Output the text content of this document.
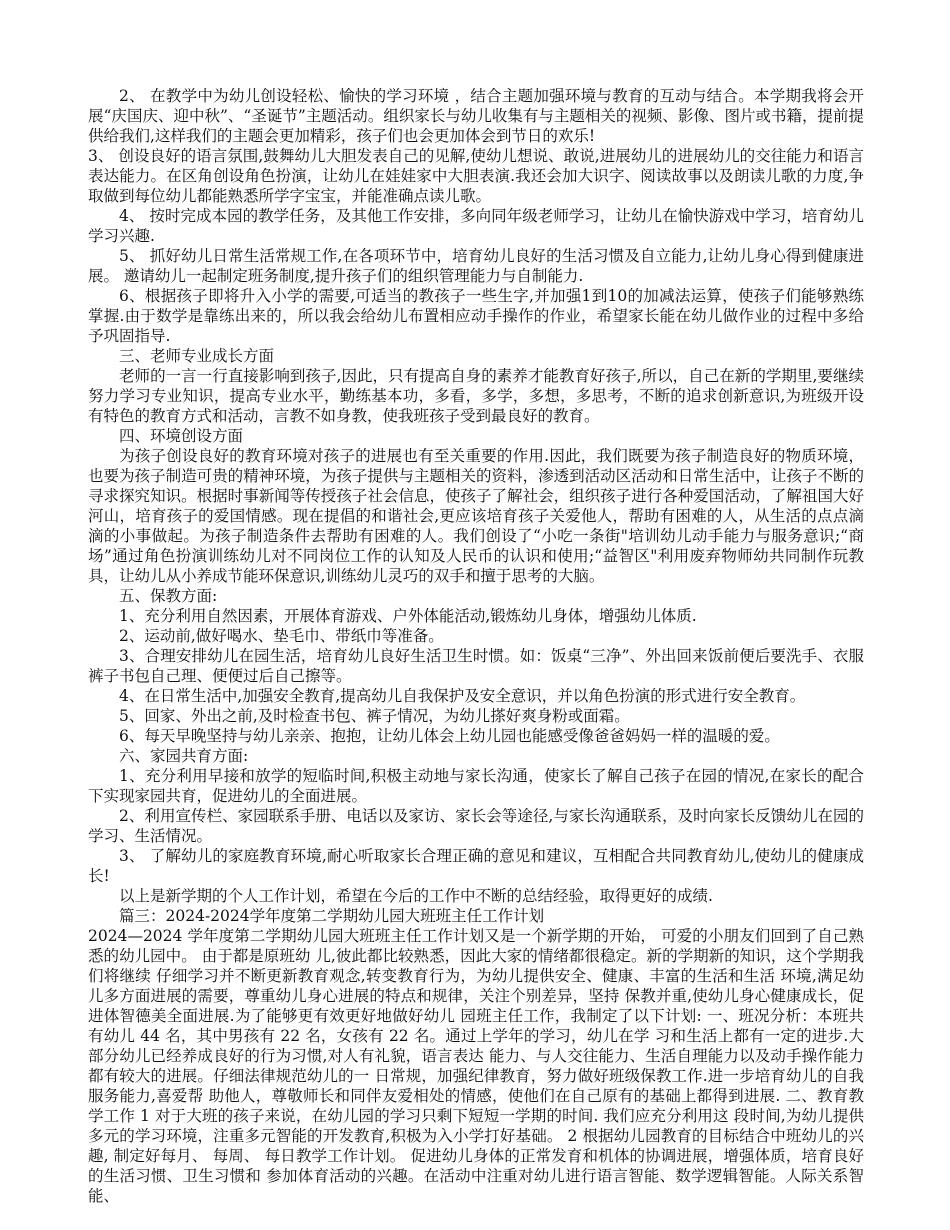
2、 在教学中为幼儿创设轻松、愉快的学习环境 ，结合主题加强环境与教育的互动与结合。本学期我将会开展“庆国庆、迎中秋”、“圣诞节”主题活动。组织家长与幼儿收集有与主题相关的视频、影像、图片或书籍，提前提供给我们,这样我们的主题会更加精彩，孩子们也会更加体会到节日的欢乐!

3、 创设良好的语言氛围,鼓舞幼儿大胆发表自己的见解,使幼儿想说、敢说,进展幼儿的进展幼儿的交往能力和语言表达能力。在区角创设角色扮演，让幼儿在娃娃家中大胆表演.我还会加大识字、阅读故事以及朗读儿歌的力度,争取做到每位幼儿都能熟悉所学字宝宝，并能准确点读儿歌。

4、 按时完成本园的教学任务，及其他工作安排，多向同年级老师学习，让幼儿在愉快游戏中学习，培育幼儿学习兴趣.

5、 抓好幼儿日常生活常规工作,在各项环节中，培育幼儿良好的生活习惯及自立能力,让幼儿身心得到健康进展。 邀请幼儿一起制定班务制度,提升孩子们的组织管理能力与自制能力.

6、根据孩子即将升入小学的需要,可适当的教孩子一些生字,并加强1到10的加减法运算，使孩子们能够熟练掌握.由于数学是靠练出来的，所以我会给幼儿布置相应动手操作的作业，希望家长能在幼儿做作业的过程中多给予巩固指导.

三、老师专业成长方面

老师的一言一行直接影响到孩子,因此，只有提高自身的素养才能教育好孩子,所以，自己在新的学期里,要继续努力学习专业知识，提高专业水平，勤练基本功，多看，多学，多想，多思考，不断的追求创新意识,为班级开设有特色的教育方式和活动，言教不如身教，使我班孩子受到最良好的教育。

四、环境创设方面

为孩子创设良好的教育环境对孩子的进展也有至关重要的作用.因此，我们既要为孩子制造良好的物质环境，也要为孩子制造可贵的精神环境，为孩子提供与主题相关的资料，渗透到活动区活动和日常生活中，让孩子不断的寻求探究知识。根据时事新闻等传授孩子社会信息，使孩子了解社会，组织孩子进行各种爱国活动，了解祖国大好河山，培育孩子的爱国情感。现在提倡的和谐社会,更应该培育孩子关爱他人，帮助有困难的人，从生活的点点滴滴的小事做起。为孩子制造条件去帮助有困难的人。我们创设了“小吃一条街"培训幼儿动手能力与服务意识;“商场”通过角色扮演训练幼儿对不同岗位工作的认知及人民币的认识和使用;“益智区"利用废弃物师幼共同制作玩教具，让幼儿从小养成节能环保意识,训练幼儿灵巧的双手和擅于思考的大脑。

五、保教方面:

1、充分利用自然因素，开展体育游戏、户外体能活动,锻炼幼儿身体，增强幼儿体质.

2、运动前,做好喝水、垫毛巾、带纸巾等准备。

3、合理安排幼儿在园生活，培育幼儿良好生活卫生时惯。如：饭桌“三净”、外出回来饭前便后要洗手、衣服裤子书包自己理、便便过后自己擦等。

4、在日常生活中,加强安全教育,提高幼儿自我保护及安全意识，并以角色扮演的形式进行安全教育。

5、回家、外出之前,及时检查书包、裤子情况，为幼儿搽好爽身粉或面霜。

6、每天早晚坚持与幼儿亲亲、抱抱，让幼儿体会上幼儿园也能感受像爸爸妈妈一样的温暖的爱。

六、家园共育方面:

1、充分利用早接和放学的短临时间,积极主动地与家长沟通，使家长了解自己孩子在园的情况,在家长的配合下实现家园共育，促进幼儿的全面进展。

2、利用宣传栏、家园联系手册、电话以及家访、家长会等途径,与家长沟通联系，及时向家长反馈幼儿在园的学习、生活情况。

3、 了解幼儿的家庭教育环境,耐心听取家长合理正确的意见和建议，互相配合共同教育幼儿,使幼儿的健康成长!

以上是新学期的个人工作计划，希望在今后的工作中不断的总结经验，取得更好的成绩.

篇三：2024-2024学年度第二学期幼儿园大班班主任工作计划

2024—2024 学年度第二学期幼儿园大班班主任工作计划又是一个新学期的开始， 可爱的小朋友们回到了自己熟悉的幼儿园中。 由于都是原班幼 儿,彼此都比较熟悉，因此大家的情绪都很稳定。新的学期新的知识，这个学期我们将继续 仔细学习并不断更新教育观念,转变教育行为，为幼儿提供安全、健康、丰富的生活和生活 环境,满足幼儿多方面进展的需要，尊重幼儿身心进展的特点和规律，关注个别差异，坚持 保教并重,使幼儿身心健康成长，促进体智德美全面进展.为了能够更有效更好地做好幼儿 园班主任工作，我制定了以下计划: 一、班况分析：本班共有幼儿 44 名，其中男孩有 22 名，女孩有 22 名。通过上学年的学习，幼儿在学 习和生活上都有一定的进步.大部分幼儿已经养成良好的行为习惯,对人有礼貌，语言表达 能力、与人交往能力、生活自理能力以及动手操作能力都有较大的进展。仔细法律规范幼儿的一 日常规，加强纪律教育，努力做好班级保教工作.进一步培育幼儿的自我服务能力,喜爱帮 助他人，尊敬师长和同伴友爱相处的情感，使他们在自己原有的基础上都得到进展. 二、教育教学工作 1 对于大班的孩子来说，在幼儿园的学习只剩下短短一学期的时间. 我们应充分利用这 段时间,为幼儿提供多元的学习环境，注重多元智能的开发教育,积极为入小学打好基础。 2 根据幼儿园教育的目标结合中班幼儿的兴趣, 制定好每月、 每周、 每日教学工作计划。 促进幼儿身体的正常发育和机体的协调进展，增强体质，培育良好的生活习惯、卫生习惯和 参加体育活动的兴趣。在活动中注重对幼儿进行语言智能、数学逻辑智能。人际关系智能、
